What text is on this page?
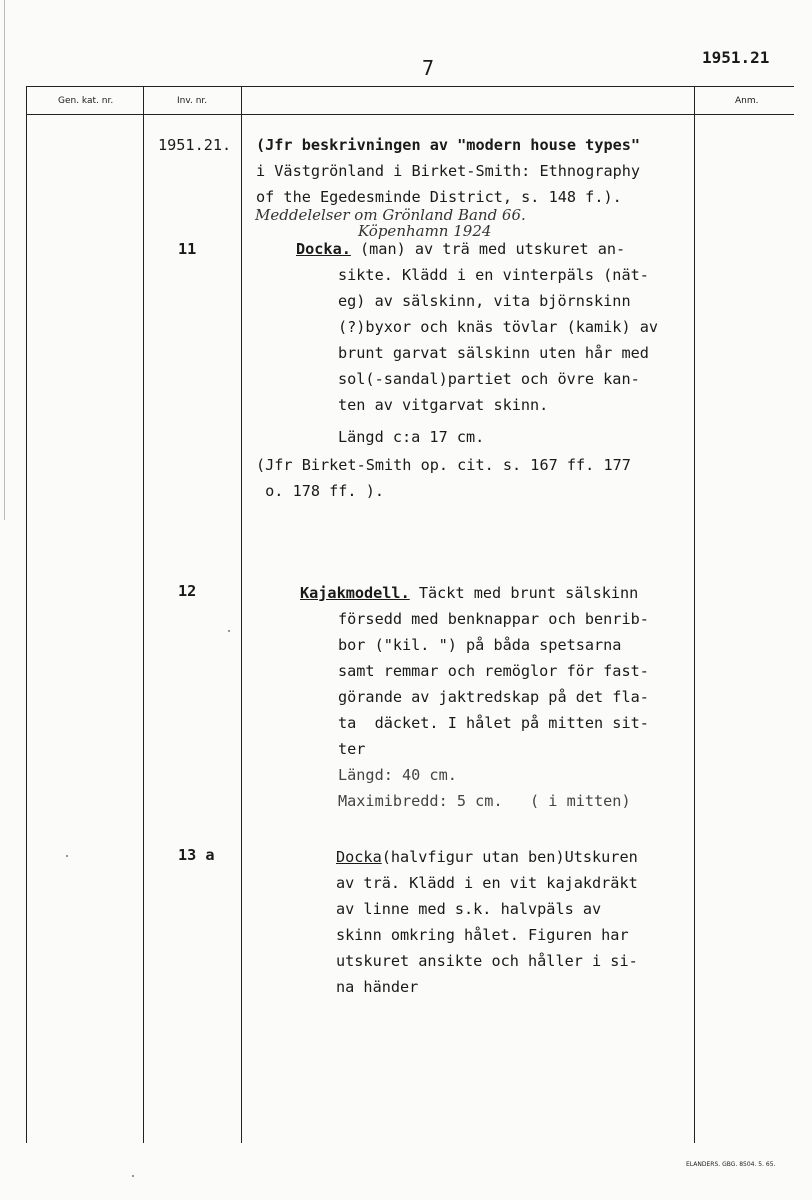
7	1951.21
Gen. kat. nr.	Inv. nr.	Anm.
1951.21. (Jfr beskrivningen av "modern house types"
i Västgrönland i Birket-Smith: Ethnography
of the Egedesminde District, s. 148 f.).
Meddelelser om Grönland Band 66.
Köpenhamn 1924
11	Docka. (man) av trä med utskuret an-
sikte. Klädd i en vinterpäls (nät-
eg) av sälskinn, vita björnskinn
(?)byxor och knäs tövlar (kamik) av
brunt garvat sälskinn uten hår med
sol(-sandal)partiet och övre kan-
ten av vitgarvat skinn.
Längd c:a 17 cm.
(Jfr Birket-Smith op. cit. s. 167 ff. 177
o. 178 ff. ).
12	Kajakmodell. Täckt med brunt sälskinn
försedd med benknappar och benrib-
bor ("kil. ") på båda spetsarna
samt remmar och remöglor för fast-
görande av jaktredskap på det fla-
ta  däcket. I hålet på mitten sit-
ter
Längd: 40 cm.
Maximibredd: 5 cm.   ( i mitten)
13 a	Docka(halvfigur utan ben)Utskuren
av trä. Klädd i en vit kajakdräkt
av linne med s.k. halvpäls av
skinn omkring hålet. Figuren har
utskuret ansikte och håller i si-
na händer
ELANDERS. GBG. 8504. 5. 65.
